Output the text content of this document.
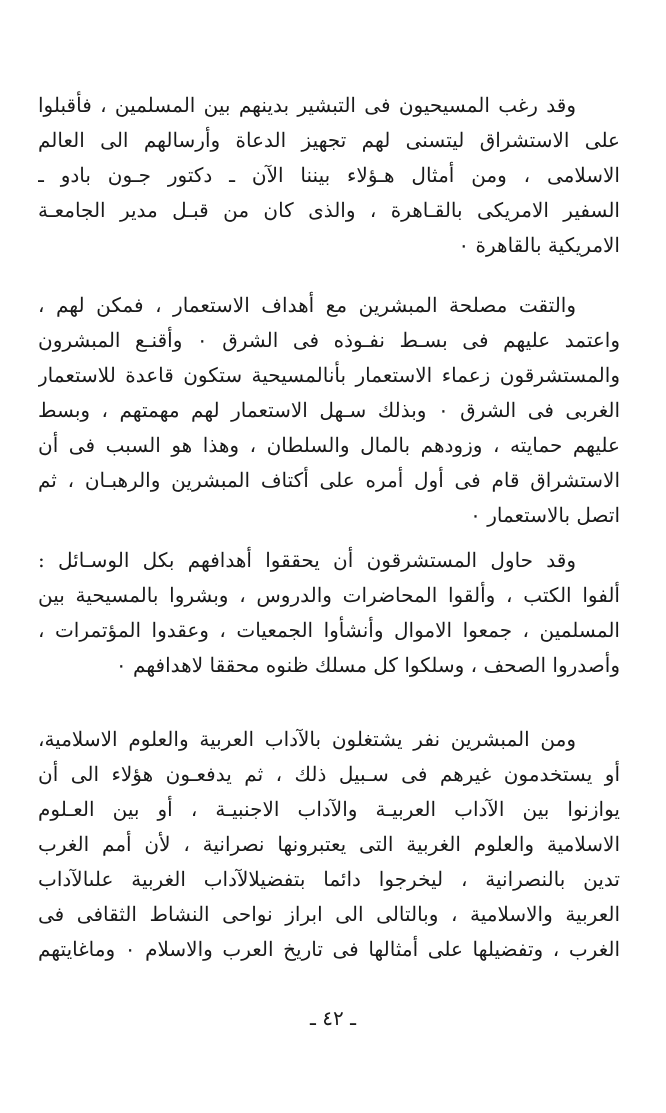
وقد رغب المسيحيون فى التبشير بدينهم بين المسلمين ، فأقبلوا
على الاستشراق ليتسنى لهم تجهيز الدعاة وأرسالهم الى العالم
الاسلامى ، ومن أمثال هـؤلاء بيننا الآن ـ دكتور جـون بادو ـ
السفير الامريكى بالقـاهرة ، والذى كان من قبـل مدير الجامعـة
الامريكية بالقاهرة ٠
والتقت مصلحة المبشرين مع أهداف الاستعمار ، فمكن لهم ،
واعتمد عليهم فى بسـط نفـوذه فى الشرق ٠ وأقنـع المبشرون
والمستشرقون زعماء الاستعمار بأنالمسيحية ستكون قاعدة للاستعمار
الغربى فى الشرق ٠ وبذلك سـهل الاستعمار لهم مهمتهم ، وبسط
عليهم حمايته ، وزودهم بالمال والسلطان ، وهذا هو السبب فى أن
الاستشراق قام فى أول أمره على أكتاف المبشرين والرهبـان ، ثم
اتصل بالاستعمار ٠
وقد حاول المستشرقون أن يحققوا أهدافهم بكل الوسـائل :
ألفوا الكتب ، وألقوا المحاضرات والدروس ، وبشروا بالمسيحية بين
المسلمين ، جمعوا الاموال وأنشأوا الجمعيات ، وعقدوا المؤتمرات ،
وأصدروا الصحف ، وسلكوا كل مسلك ظنوه محققا لاهدافهم ٠
ومن المبشرين نفر يشتغلون بالآداب العربية والعلوم الاسلامية،
أو يستخدمون غيرهم فى سـبيل ذلك ، ثم يدفعـون هؤلاء الى أن
يوازنوا بين الآداب العربيـة والآداب الاجنبيـة ، أو بين العـلوم
الاسلامية والعلوم الغربية التى يعتبرونها نصرانية ، لأن أمم الغرب
تدين بالنصرانية ، ليخرجوا دائما بتفضيلالآداب الغربية علىالآداب
العربية والاسلامية ، وبالتالى الى ابراز نواحى النشاط الثقافى فى
الغرب ، وتفضيلها على أمثالها فى تاريخ العرب والاسلام ٠ وماغايتهم
ـ ٤٢ ـ
